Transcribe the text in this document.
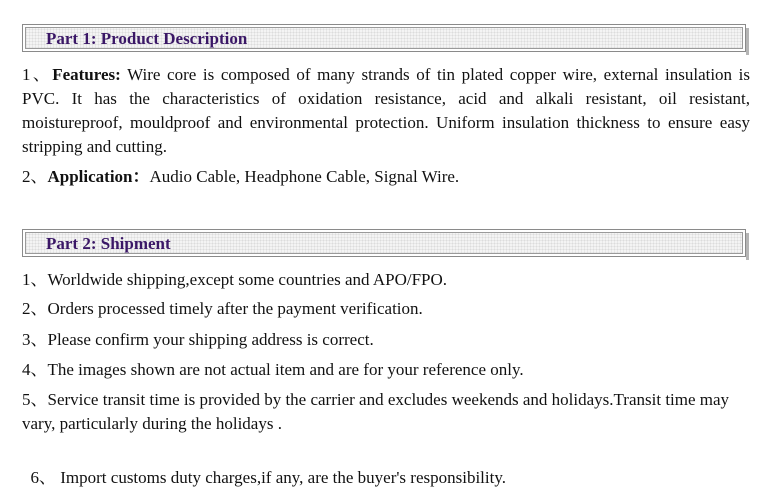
Part 1: Product Description
1、Features: Wire core is composed of many strands of tin plated copper wire, external insulation is PVC. It has the characteristics of oxidation resistance, acid and alkali resistant, oil resistant, moistureproof, mouldproof and environmental protection. Uniform insulation thickness to ensure easy stripping and cutting.
2、Application：Audio Cable, Headphone Cable, Signal Wire.
Part 2: Shipment
1、Worldwide shipping,except some countries and APO/FPO.
2、Orders processed timely after the payment verification.
3、Please confirm your shipping address is correct.
4、The images shown are not actual item and are for your reference only.
5、Service transit time is provided by the carrier and excludes weekends and holidays.Transit time may vary, particularly during the holidays .

6、 Import customs duty charges,if any, are the buyer's responsibility.
